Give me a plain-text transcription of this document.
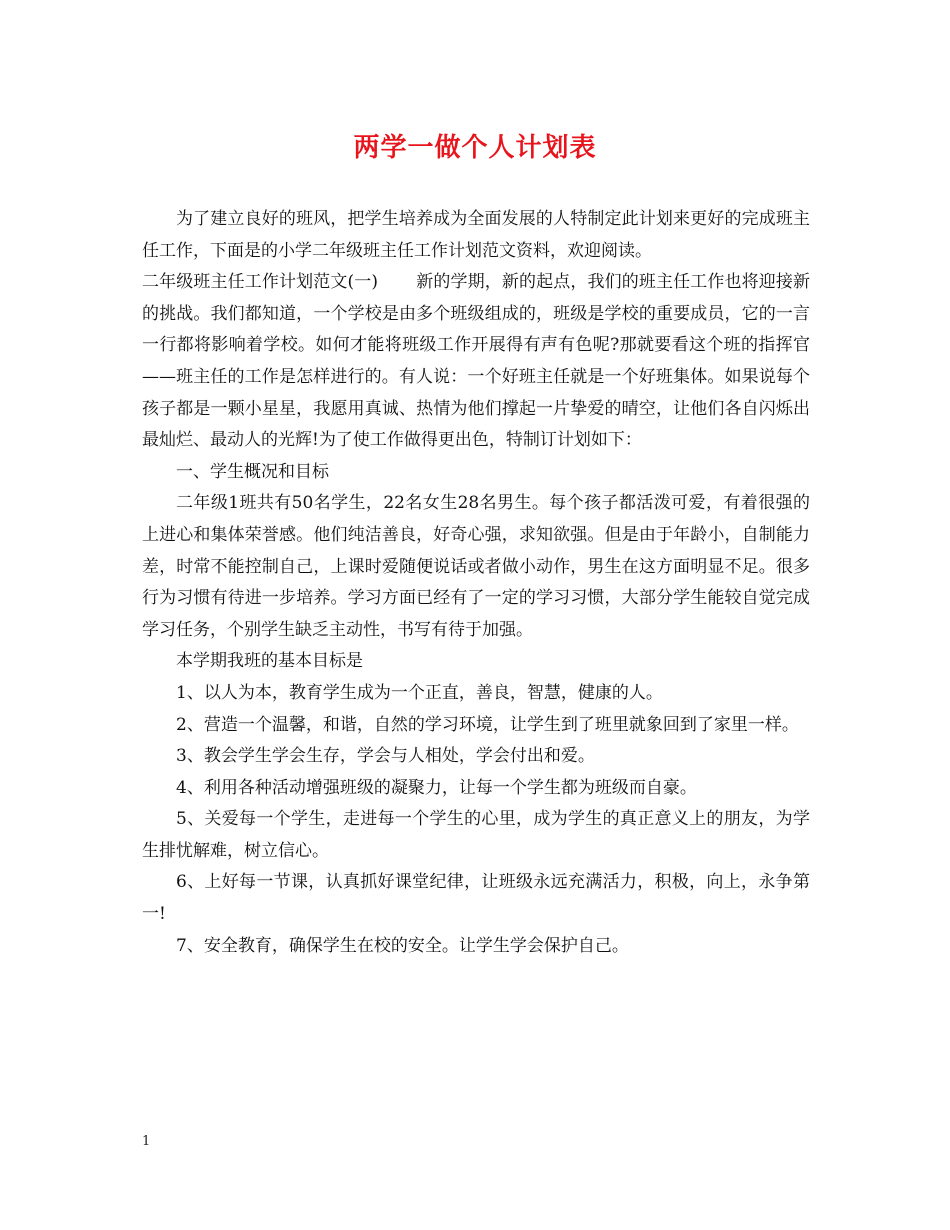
两学一做个人计划表

为了建立良好的班风，把学生培养成为全面发展的人特制定此计划来更好的完成班主任工作，下面是的小学二年级班主任工作计划范文资料，欢迎阅读。

二年级班主任工作计划范文(一) 新的学期，新的起点，我们的班主任工作也将迎接新的挑战。我们都知道，一个学校是由多个班级组成的，班级是学校的重要成员，它的一言一行都将影响着学校。如何才能将班级工作开展得有声有色呢?那就要看这个班的指挥官——班主任的工作是怎样进行的。有人说：一个好班主任就是一个好班集体。如果说每个孩子都是一颗小星星，我愿用真诚、热情为他们撑起一片挚爱的晴空，让他们各自闪烁出最灿烂、最动人的光辉!为了使工作做得更出色，特制订计划如下：

一、学生概况和目标

二年级1班共有50名学生，22名女生28名男生。每个孩子都活泼可爱，有着很强的上进心和集体荣誉感。他们纯洁善良，好奇心强，求知欲强。但是由于年龄小，自制能力差，时常不能控制自己，上课时爱随便说话或者做小动作，男生在这方面明显不足。很多行为习惯有待进一步培养。学习方面已经有了一定的学习习惯，大部分学生能较自觉完成学习任务，个别学生缺乏主动性，书写有待于加强。

本学期我班的基本目标是

1、以人为本，教育学生成为一个正直，善良，智慧，健康的人。

2、营造一个温馨，和谐，自然的学习环境，让学生到了班里就象回到了家里一样。

3、教会学生学会生存，学会与人相处，学会付出和爱。

4、利用各种活动增强班级的凝聚力，让每一个学生都为班级而自豪。

5、关爱每一个学生，走进每一个学生的心里，成为学生的真正意义上的朋友，为学生排忧解难，树立信心。

6、上好每一节课，认真抓好课堂纪律，让班级永远充满活力，积极，向上，永争第一!

7、安全教育，确保学生在校的安全。让学生学会保护自己。

1
